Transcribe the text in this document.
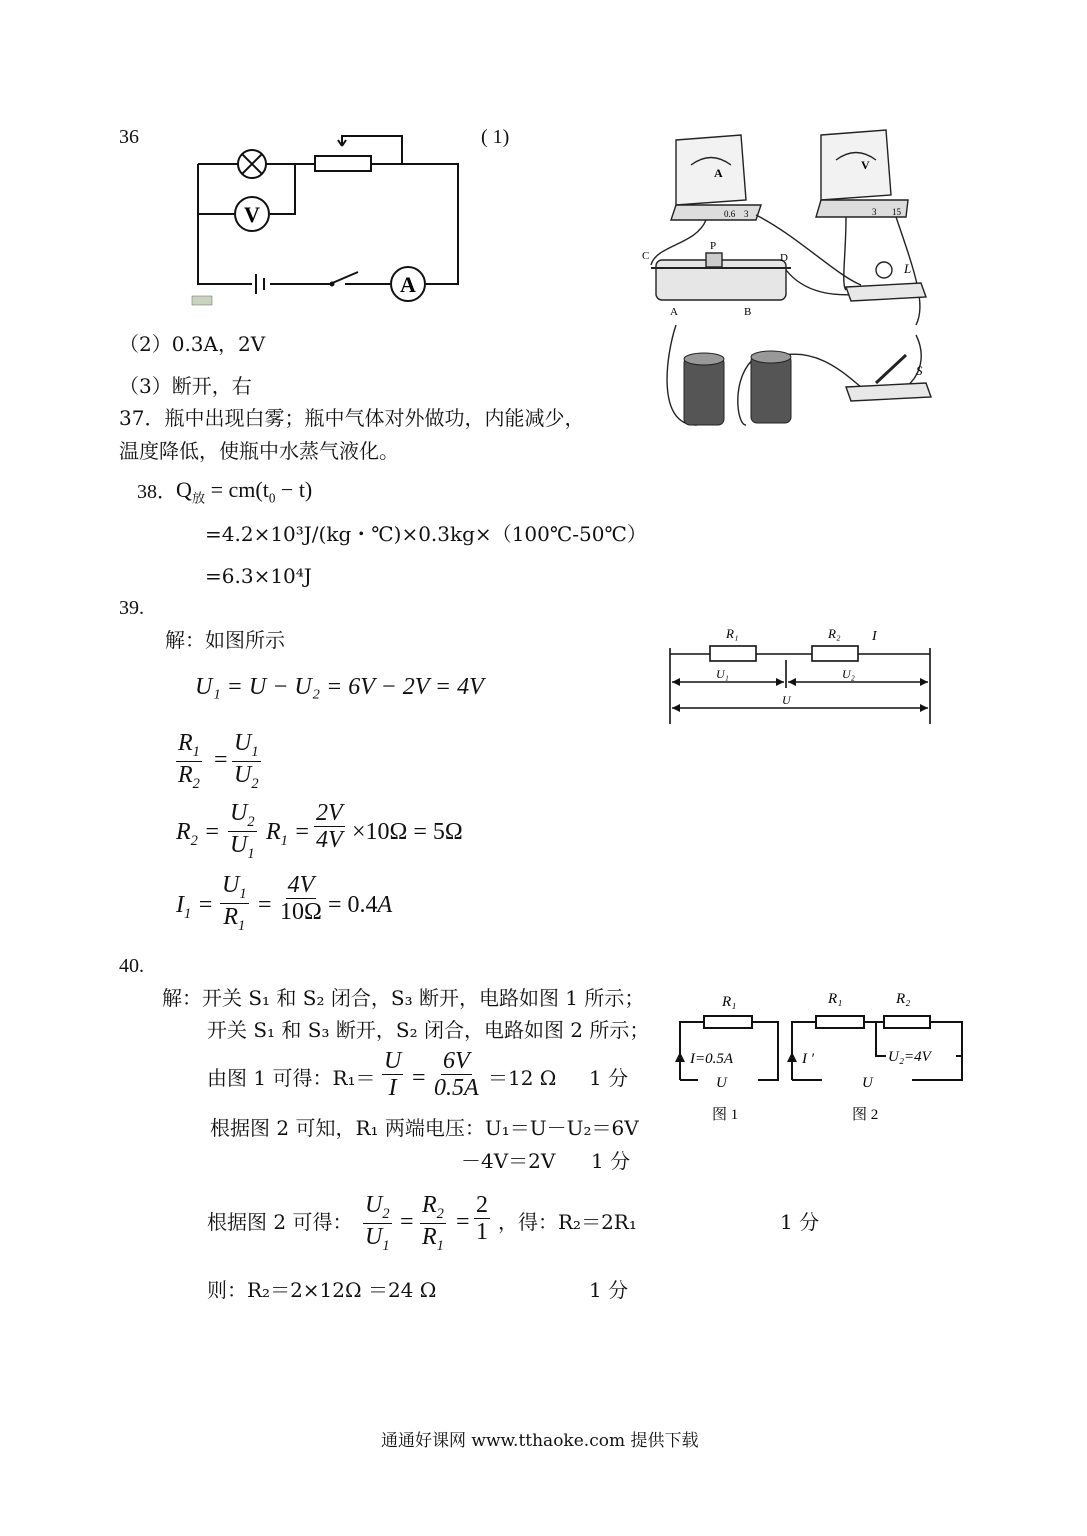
36	( 1)
V
A
（2）0.3A，2V
（3）断开，右
A
V
0.6 3	3 15
C
P
D
A	B
L
S
37．瓶中出现白雾；瓶中气体对外做功，内能减少，
温度降低，使瓶中水蒸气液化。
38． $Q_放 = cm(t_0 - t)$
=4.2×10³J/(kg・℃)×0.3kg×（100℃-50℃）
=6.3×10⁴J
39.
解：如图所示
U₁ = U − U₂ = 6V − 2V = 4V
$\frac{R_1}{R_2} = \frac{U_1}{U_2}$
$R_2 = \frac{U_2}{U_1} R_1 = \frac{2V}{4V} \times 10\Omega = 5\Omega$
$I_1 = \frac{U_1}{R_1} = \frac{4V}{10\Omega} = 0.4A$
R₁	R₂ I
U₁	U₂
U
40.
解：开关 S₁ 和 S₂ 闭合，S₃ 断开，电路如图 1 所示；
开关 S₁ 和 S₃ 断开，S₂ 闭合，电路如图 2 所示；
由图 1 可得：$R_1= \frac{U}{I} = \frac{6V}{0.5A} =12$ Ω 1 分
根据图 2 可知，R₁ 两端电压：U₁＝U－U₂＝6V
－4V＝2V 1 分
根据图 2 可得： $\frac{U_2}{U_1} = \frac{R_2}{R_1} = \frac{2}{1}$ ，得：R₂＝2R₁	1 分
则：R₂＝2×12Ω ＝24 Ω	1 分
R₁
I=0.5A
U
图 1
R₁	R₂
I ′	U₂=4V
U
图 2
通通好课网 www.tthaoke.com 提供下载
